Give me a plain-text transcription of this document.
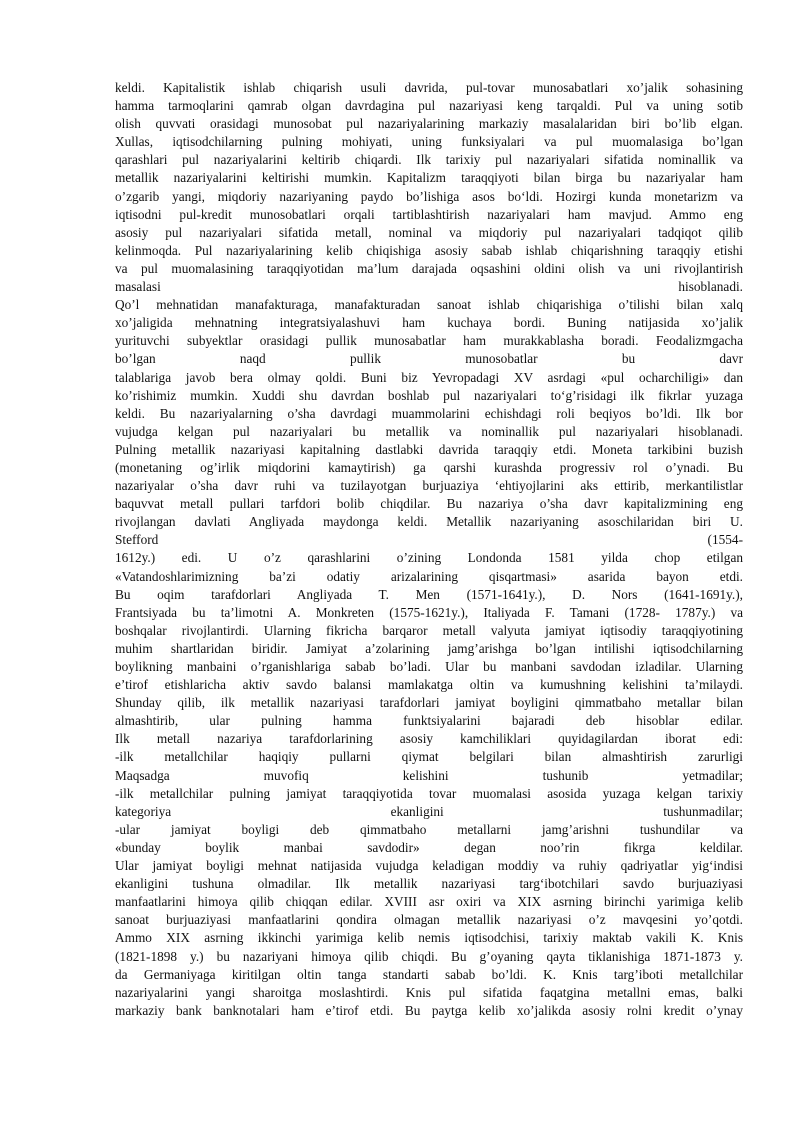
keldi. Kapitalistik ishlab chiqarish usuli davrida, pul-tovar munosabatlari xo’jalik sohasining
hamma tarmoqlarini qamrab olgan davrdagina pul nazariyasi keng tarqaldi. Pul va uning sotib
olish quvvati orasidagi munosobat pul nazariyalarining markaziy masalalaridan biri bo’lib elgan.
Xullas, iqtisodchilarning pulning mohiyati, uning funksiyalari va pul muomalasiga bo’lgan
qarashlari pul nazariyalarini keltirib chiqardi. Ilk tarixiy pul nazariyalari sifatida nominallik va
metallik nazariyalarini keltirishi mumkin. Kapitalizm taraqqiyoti bilan birga bu nazariyalar ham
o’zgarib yangi, miqdoriy nazariyaning paydo bo’lishiga asos bo‘ldi. Hozirgi kunda monetarizm va
iqtisodni pul-kredit munosobatlari orqali tartiblashtirish nazariyalari ham mavjud. Ammo eng
asosiy pul nazariyalari sifatida metall, nominal va miqdoriy pul nazariyalari tadqiqot qilib
kelinmoqda. Pul nazariyalarining kelib chiqishiga asosiy sabab ishlab chiqarishning taraqqiy etishi
va pul muomalasining taraqqiyotidan ma’lum darajada oqsashini oldini olish va uni rivojlantirish
masalasi hisoblanadi.
Qo’l mehnatidan manafakturaga, manafakturadan sanoat ishlab chiqarishiga o’tilishi bilan xalq
xo’jaligida mehnatning integratsiyalashuvi ham kuchaya bordi. Buning natijasida xo’jalik
yurituvchi subyektlar orasidagi pullik munosabatlar ham murakkablasha boradi. Feodalizmgacha
bo’lgan naqd pullik munosobatlar bu davr
talablariga javob bera olmay qoldi. Buni biz Yevropadagi XV asrdagi «pul ocharchiligi» dan
ko’rishimiz mumkin. Xuddi shu davrdan boshlab pul nazariyalari to‘g’risidagi ilk fikrlar yuzaga
keldi. Bu nazariyalarning o’sha davrdagi muammolarini echishdagi roli beqiyos bo’ldi. Ilk bor
vujudga kelgan pul nazariyalari bu metallik va nominallik pul nazariyalari hisoblanadi.
Pulning metallik nazariyasi kapitalning dastlabki davrida taraqqiy etdi. Moneta tarkibini buzish
(monetaning og’irlik miqdorini kamaytirish) ga qarshi kurashda progressiv rol o’ynadi. Bu
nazariyalar o’sha davr ruhi va tuzilayotgan burjuaziya ‘ehtiyojlarini aks ettirib, merkantilistlar
baquvvat metall pullari tarfdori bolib chiqdilar. Bu nazariya o’sha davr kapitalizmining eng
rivojlangan davlati Angliyada maydonga keldi. Metallik nazariyaning asoschilaridan biri U.
Stefford (1554-
1612y.) edi. U o’z qarashlarini o’zining Londonda 1581 yilda chop etilgan
«Vatandoshlarimizning ba’zi odatiy arizalarining qisqartmasi» asarida bayon etdi.
Bu oqim tarafdorlari Angliyada T. Men (1571-1641y.), D. Nors (1641-1691y.),
Frantsiyada bu ta’limotni A. Monkreten (1575-1621y.), Italiyada F. Tamani (1728- 1787y.) va
boshqalar rivojlantirdi. Ularning fikricha barqaror metall valyuta jamiyat iqtisodiy taraqqiyotining
muhim shartlaridan biridir. Jamiyat a’zolarining jamg’arishga bo’lgan intilishi iqtisodchilarning
boylikning manbaini o’rganishlariga sabab bo’ladi. Ular bu manbani savdodan izladilar. Ularning
e’tirof etishlaricha aktiv savdo balansi mamlakatga oltin va kumushning kelishini ta’milaydi.
Shunday qilib, ilk metallik nazariyasi tarafdorlari jamiyat boyligini qimmatbaho metallar bilan
almashtirib, ular pulning hamma funktsiyalarini bajaradi deb hisoblar edilar.
Ilk metall nazariya tarafdorlarining asosiy kamchiliklari quyidagilardan iborat edi:
-ilk metallchilar haqiqiy pullarni qiymat belgilari bilan almashtirish zarurligi
Maqsadga muvofiq kelishini tushunib yetmadilar;
-ilk metallchilar pulning jamiyat taraqqiyotida tovar muomalasi asosida yuzaga kelgan tarixiy
kategoriya ekanligini tushunmadilar;
-ular jamiyat boyligi deb qimmatbaho metallarni jamg’arishni tushundilar va
«bunday boylik manbai savdodir» degan noo’rin fikrga keldilar.
Ular jamiyat boyligi mehnat natijasida vujudga keladigan moddiy va ruhiy qadriyatlar yig‘indisi
ekanligini tushuna olmadilar. Ilk metallik nazariyasi targ‘ibotchilari savdo burjuaziyasi
manfaatlarini himoya qilib chiqqan edilar. XVIII asr oxiri va XIX asrning birinchi yarimiga kelib
sanoat burjuaziyasi manfaatlarini qondira olmagan metallik nazariyasi o’z mavqesini yo’qotdi.
Ammo XIX asrning ikkinchi yarimiga kelib nemis iqtisodchisi, tarixiy maktab vakili K. Knis
(1821-1898 y.) bu nazariyani himoya qilib chiqdi. Bu g’oyaning qayta tiklanishiga 1871-1873 y.
da Germaniyaga kiritilgan oltin tanga standarti sabab bo’ldi. K. Knis targ’iboti metallchilar
nazariyalarini yangi sharoitga moslashtirdi. Knis pul sifatida faqatgina metallni emas, balki
markaziy bank banknotalari ham e’tirof etdi. Bu paytga kelib xo’jalikda asosiy rolni kredit o’ynay
